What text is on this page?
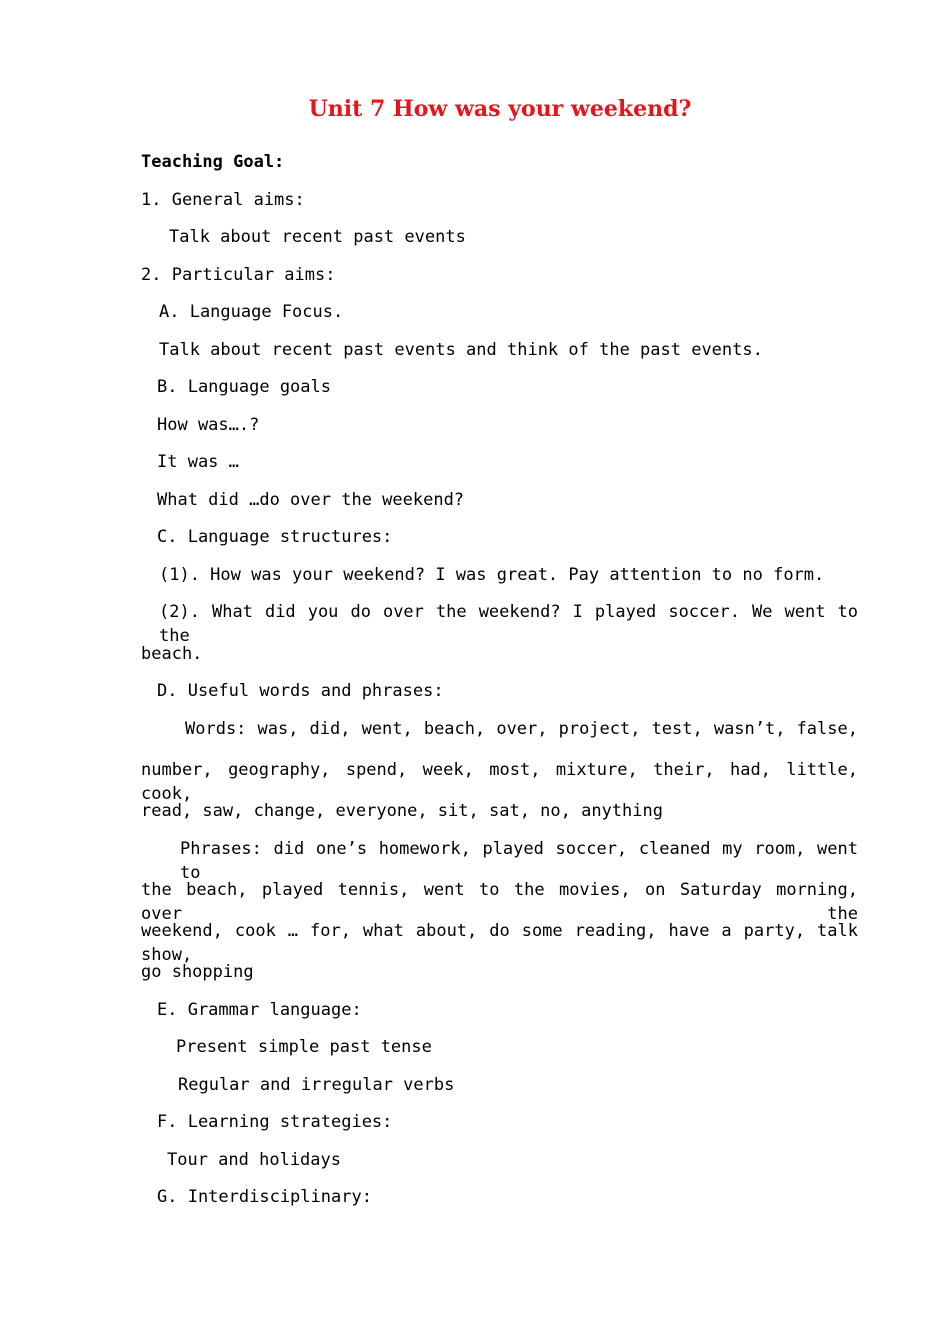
Unit 7 How was your weekend?
Teaching Goal:
1. General aims:
Talk about recent past events
2. Particular aims:
A. Language Focus.
Talk about recent past events and think of the past events.
B. Language goals
How was….?
It was …
What did …do over the weekend?
C. Language structures:
(1). How was your weekend? I was great. Pay attention to no form.
(2). What did you do over the weekend? I played soccer. We went to the
beach.
D. Useful words and phrases:
Words: was, did, went, beach, over, project, test, wasn’t, false,
number, geography, spend, week, most, mixture, their, had, little, cook,
read, saw, change, everyone, sit, sat, no, anything
Phrases: did one’s homework, played soccer, cleaned my room, went to
the beach, played tennis, went to the movies, on Saturday morning, over the
weekend, cook … for, what about, do some reading, have a party, talk show,
go shopping
E. Grammar language:
Present simple past tense
Regular and irregular verbs
F. Learning strategies:
Tour and holidays
G. Interdisciplinary:
